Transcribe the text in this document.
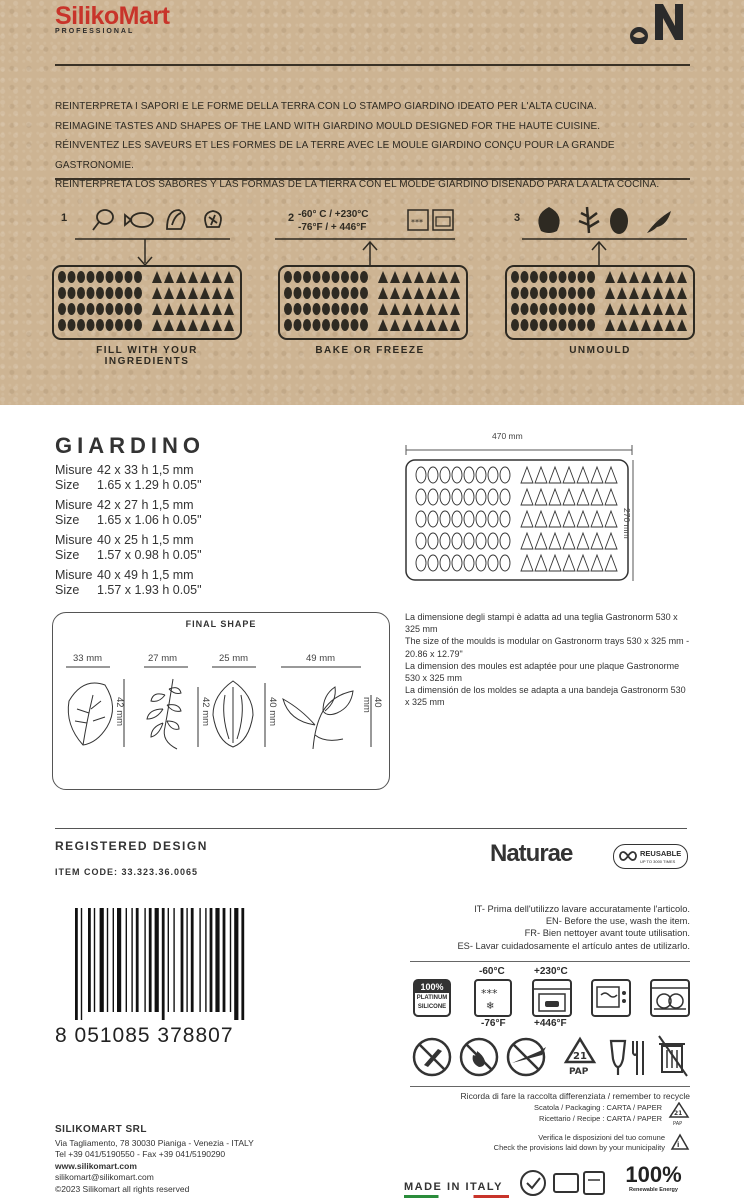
SilikoMart
PROFESSIONAL
REINTERPRETA I SAPORI E LE FORME DELLA TERRA CON LO STAMPO GIARDINO IDEATO PER L'ALTA CUCINA.
REIMAGINE TASTES AND SHAPES OF THE LAND WITH GIARDINO MOULD DESIGNED FOR THE HAUTE CUISINE.
RÉINVENTEZ LES SAVEURS ET LES FORMES DE LA TERRE AVEC LE MOULE GIARDINO CONÇU POUR LA GRANDE GASTRONOMIE.
REINTERPRETA LOS SABORES Y LAS FORMAS DE LA TIERRA CON EL MOLDE GIARDINO DISEÑADO PARA LA ALTA COCINA.
1
FILL WITH YOUR INGREDIENTS
2 -60° C / +230°C
-76°F / + 446°F	***
BAKE OR FREEZE
3
UNMOULD
GIARDINO
Misure 42 x 33 h 1,5 mm
Size 1.65 x 1.29 h 0.05"
Misure 42 x 27 h 1,5 mm
Size 1.65 x 1.06 h 0.05"
Misure 40 x 25 h 1,5 mm
Size 1.57 x 0.98 h 0.05"
Misure 40 x 49 h 1,5 mm
Size 1.57 x 1.93 h 0.05"
470 mm
270 mm
La dimensione degli stampi è adatta ad una teglia Gastronorm 530 x 325 mm
The size of the moulds is modular on Gastronorm trays 530 x 325 mm - 20.86 x 12.79"
La dimension des moules est adaptée pour une plaque Gastronorme 530 x 325 mm
La dimensión de los moldes se adapta a una bandeja Gastronorm 530 x 325 mm
FINAL SHAPE
33 mm	27 mm	25 mm	49 mm
42 mm	42 mm	40 mm	40 mm
REGISTERED DESIGN
ITEM CODE: 33.323.36.0065
Naturae	REUSABLE
UP TO 3000 TIMES
8 051085 378807
IT- Prima dell'utilizzo lavare accuratamente l'articolo.
EN- Before the use, wash the item.
FR- Bien nettoyer avant toute utilisation.
ES- Lavar cuidadosamente el artículo antes de utilizarlo.
100%
PLATINUM
SILICONE
-60°C
***
❄
-76°F
+230°C
+446°F
21
PAP
Ricorda di fare la raccolta differenziata / remember to recycle
Scatola / Packaging : CARTA / PAPER
Ricettario / Recipe : CARTA / PAPER
21
PAP
Verifica le disposizioni del tuo comune
Check the provisions laid down by your municipality i
SILIKOMART SRL
Via Tagliamento, 78 30030 Pianiga - Venezia - ITALY
Tel +39 041/5190550 - Fax +39 041/5190290
www.silikomart.com
silikomart@silikomart.com
©2023 Silikomart all rights reserved	MADE IN ITALY	100%
Renewable Energy
